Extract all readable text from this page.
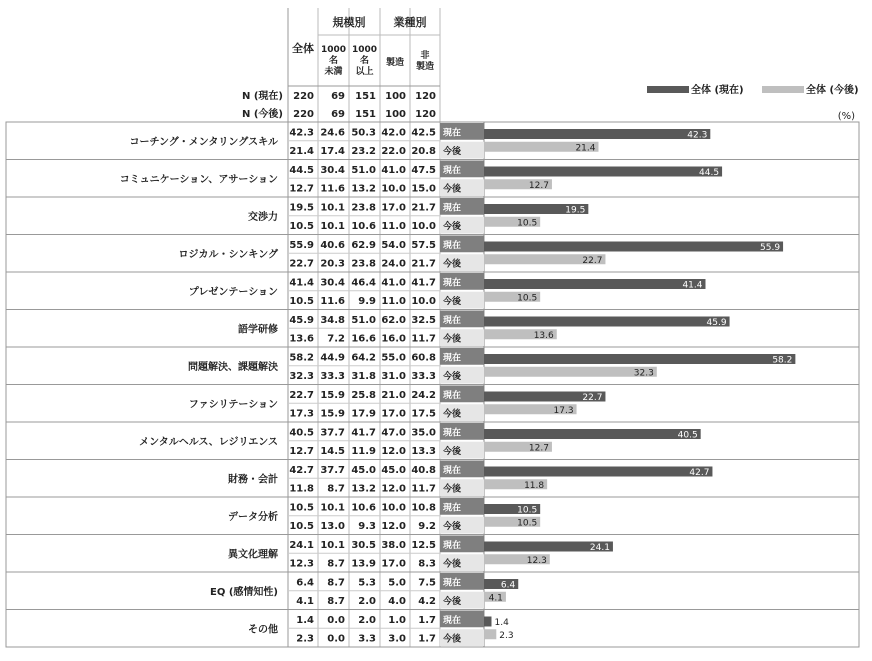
全体
規模別	業種別
1000 名未満
1000 名以上
製造
非製造
N (現在) 220 69 151 100 120
N (今後) 220 69 151 100 120
全体 (現在)	全体 (今後)
(%)
コーチング・メンタリングスキル
42.3 24.6 50.3 42.0 42.5 現在	42.3
21.4 17.4 23.2 22.0 20.8 今後	21.4
コミュニケーション、アサーション
44.5 30.4 51.0 41.0 47.5 現在	44.5
12.7 11.6 13.2 10.0 15.0 今後	12.7
交渉力
19.5 10.1 23.8 17.0 21.7 現在	19.5
10.5 10.1 10.6 11.0 10.0 今後	10.5
ロジカル・シンキング
55.9 40.6 62.9 54.0 57.5 現在	55.9
22.7 20.3 23.8 24.0 21.7 今後	22.7
プレゼンテーション
41.4 30.4 46.4 41.0 41.7 現在	41.4
10.5 11.6 9.9 11.0 10.0 今後	10.5
語学研修
45.9 34.8 51.0 62.0 32.5 現在	45.9
13.6 7.2 16.6 16.0 11.7 今後	13.6
問題解決、課題解決
58.2 44.9 64.2 55.0 60.8 現在	58.2
32.3 33.3 31.8 31.0 33.3 今後	32.3
ファシリテーション
22.7 15.9 25.8 21.0 24.2 現在	22.7
17.3 15.9 17.9 17.0 17.5 今後	17.3
メンタルヘルス、レジリエンス
40.5 37.7 41.7 47.0 35.0 現在	40.5
12.7 14.5 11.9 12.0 13.3 今後	12.7
財務・会計
42.7 37.7 45.0 45.0 40.8 現在	42.7
11.8 8.7 13.2 12.0 11.7 今後	11.8
データ分析
10.5 10.1 10.6 10.0 10.8 現在	10.5
10.5 13.0 9.3 12.0 9.2 今後	10.5
異文化理解
24.1 10.1 30.5 38.0 12.5 現在	24.1
12.3 8.7 13.9 17.0 8.3 今後	12.3
EQ (感情知性)
6.4 8.7 5.3 5.0 7.5 現在	6.4
4.1 8.7 2.0 4.0 4.2 今後	4.1
その他
1.4 0.0 2.0 1.0 1.7 現在	1.4
2.3 0.0 3.3 3.0 1.7 今後	2.3
